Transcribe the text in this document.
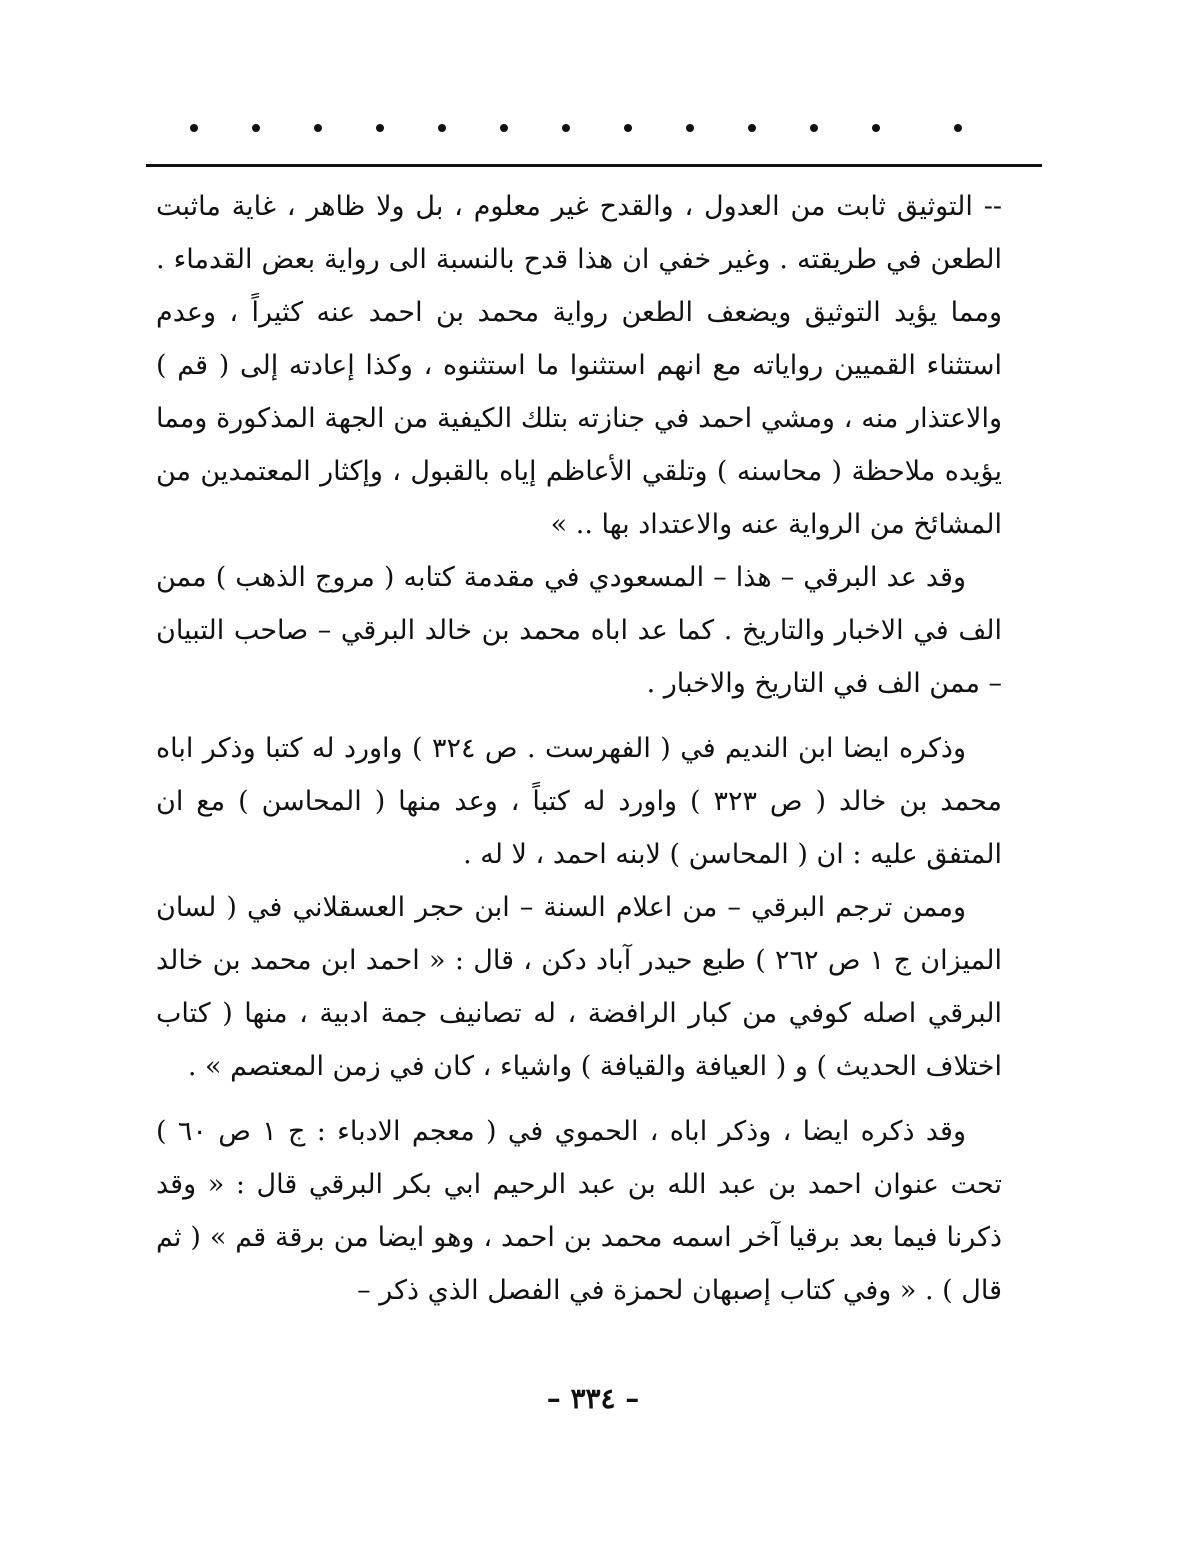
-- التوثيق ثابت من العدول ، والقدح غير معلوم ، بل ولا ظاهر ، غاية ماثبت الطعن في طريقته . وغير خفي ان هذا قدح بالنسبة الى رواية بعض القدماء . ومما يؤيد التوثيق ويضعف الطعن رواية محمد بن احمد عنه كثيراً ، وعدم استثناء القميين رواياته مع انهم استثنوا ما استثنوه ، وكذا إعادته إلى ( قم ) والاعتذار منه ، ومشي احمد في جنازته بتلك الكيفية من الجهة المذكورة ومما يؤيده ملاحظة ( محاسنه ) وتلقي الأعاظم إياه بالقبول ، وإكثار المعتمدين من المشائخ من الرواية عنه والاعتداد بها .. »

وقد عد البرقي – هذا – المسعودي في مقدمة كتابه ( مروج الذهب ) ممن الف في الاخبار والتاريخ . كما عد اباه محمد بن خالد البرقي – صاحب التبيان – ممن الف في التاريخ والاخبار .

وذكره ايضا ابن النديم في ( الفهرست . ص ٣٢٤ ) واورد له كتبا وذكر اباه محمد بن خالد ( ص ٣٢٣ ) واورد له كتباً ، وعد منها ( المحاسن ) مع ان المتفق عليه : ان ( المحاسن ) لابنه احمد ، لا له .

وممن ترجم البرقي – من اعلام السنة – ابن حجر العسقلاني في ( لسان الميزان ج ١ ص ٢٦٢ ) طبع حيدر آباد دكن ، قال : « احمد ابن محمد بن خالد البرقي اصله كوفي من كبار الرافضة ، له تصانيف جمة ادبية ، منها ( كتاب اختلاف الحديث ) و ( العيافة والقيافة ) واشياء ، كان في زمن المعتصم » .

وقد ذكره ايضا ، وذكر اباه ، الحموي في ( معجم الادباء : ج ١ ص ٦٠ ) تحت عنوان احمد بن عبد الله بن عبد الرحيم ابي بكر البرقي قال : « وقد ذكرنا فيما بعد برقيا آخر اسمه محمد بن احمد ، وهو ايضا من برقة قم » ( ثم قال ) . « وفي كتاب إصبهان لحمزة في الفصل الذي ذكر –

– ٣٣٤ –
